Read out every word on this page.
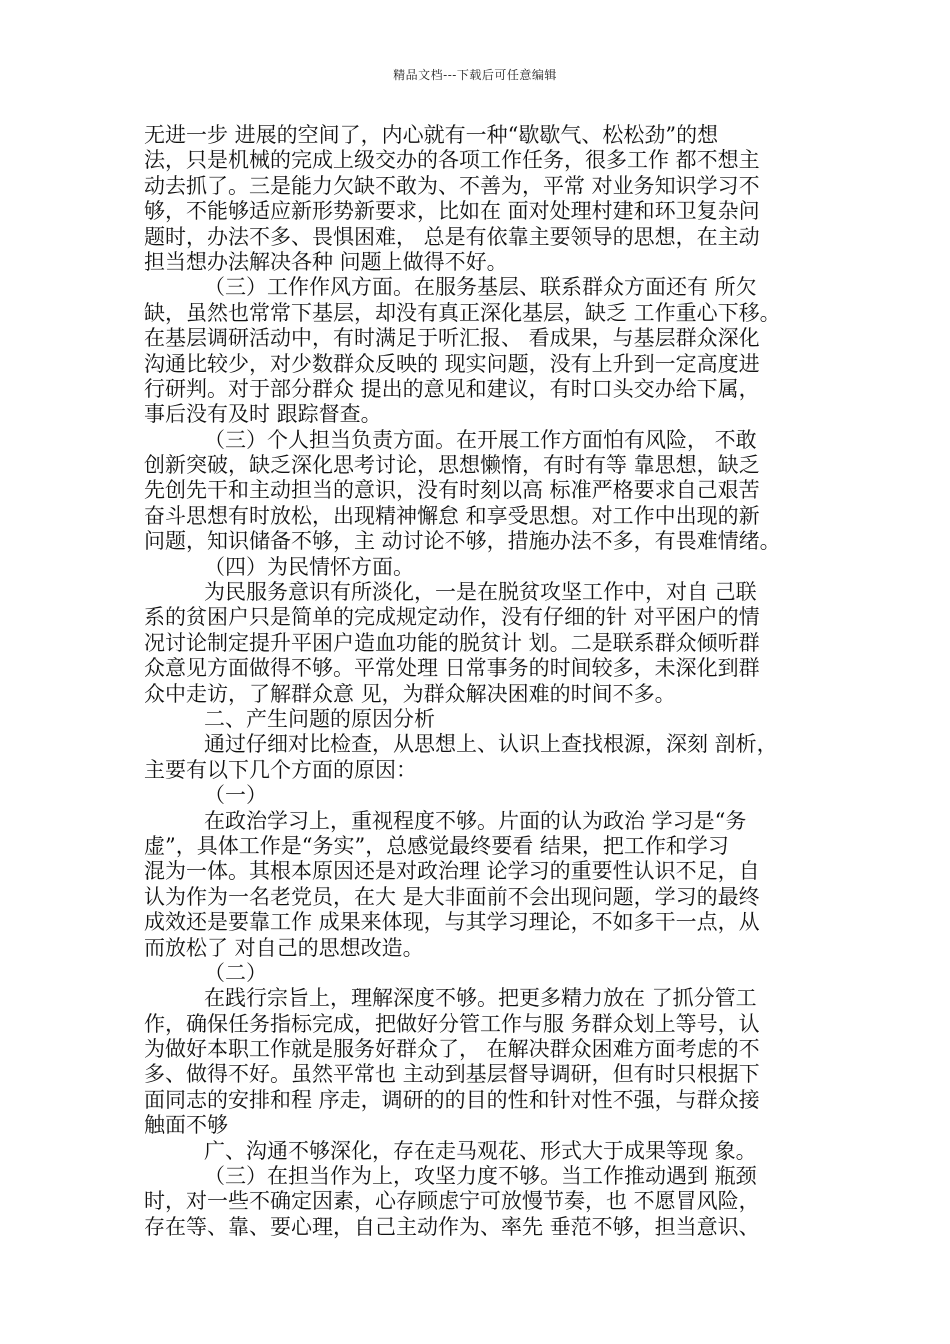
精品文档---下载后可任意编辑
无进一步 进展的空间了，内心就有一种“歇歇气、松松劲”的想
法，只是机械的完成上级交办的各项工作任务，很多工作 都不想主
动去抓了。三是能力欠缺不敢为、不善为，平常 对业务知识学习不
够，不能够适应新形势新要求，比如在 面对处理村建和环卫复杂问
题时，办法不多、畏惧困难， 总是有依靠主要领导的思想，在主动
担当想办法解决各种 问题上做得不好。
（三）工作作风方面。在服务基层、联系群众方面还有 所欠
缺，虽然也常常下基层，却没有真正深化基层，缺乏 工作重心下移。
在基层调研活动中，有时满足于听汇报、 看成果，与基层群众深化
沟通比较少，对少数群众反映的 现实问题，没有上升到一定高度进
行研判。对于部分群众 提出的意见和建议，有时口头交办给下属，
事后没有及时 跟踪督查。
（三）个人担当负责方面。在开展工作方面怕有风险， 不敢
创新突破，缺乏深化思考讨论，思想懒惰，有时有等 靠思想，缺乏
先创先干和主动担当的意识，没有时刻以高 标准严格要求自己艰苦
奋斗思想有时放松，出现精神懈怠 和享受思想。对工作中出现的新
问题，知识储备不够，主 动讨论不够，措施办法不多，有畏难情绪。
（四）为民情怀方面。
为民服务意识有所淡化，一是在脱贫攻坚工作中，对自 己联
系的贫困户只是简单的完成规定动作，没有仔细的针 对平困户的情
况讨论制定提升平困户造血功能的脱贫计 划。二是联系群众倾听群
众意见方面做得不够。平常处理 日常事务的时间较多，未深化到群
众中走访，了解群众意 见，为群众解决困难的时间不多。
二、产生问题的原因分析
通过仔细对比检查，从思想上、认识上查找根源，深刻 剖析，
主要有以下几个方面的原因：
（一）
在政治学习上，重视程度不够。片面的认为政治 学习是“务
虚”，具体工作是“务实”，总感觉最终要看 结果，把工作和学习
混为一体。其根本原因还是对政治理 论学习的重要性认识不足，自
认为作为一名老党员，在大 是大非面前不会出现问题，学习的最终
成效还是要靠工作 成果来体现，与其学习理论，不如多干一点，从
而放松了 对自己的思想改造。
（二）
在践行宗旨上，理解深度不够。把更多精力放在 了抓分管工
作，确保任务指标完成，把做好分管工作与服 务群众划上等号，认
为做好本职工作就是服务好群众了， 在解决群众困难方面考虑的不
多、做得不好。虽然平常也 主动到基层督导调研，但有时只根据下
面同志的安排和程 序走，调研的的目的性和针对性不强，与群众接
触面不够
广、沟通不够深化，存在走马观花、形式大于成果等现 象。
（三）在担当作为上，攻坚力度不够。当工作推动遇到 瓶颈
时，对一些不确定因素，心存顾虑宁可放慢节奏，也 不愿冒风险，
存在等、靠、要心理，自己主动作为、率先 垂范不够，担当意识、
